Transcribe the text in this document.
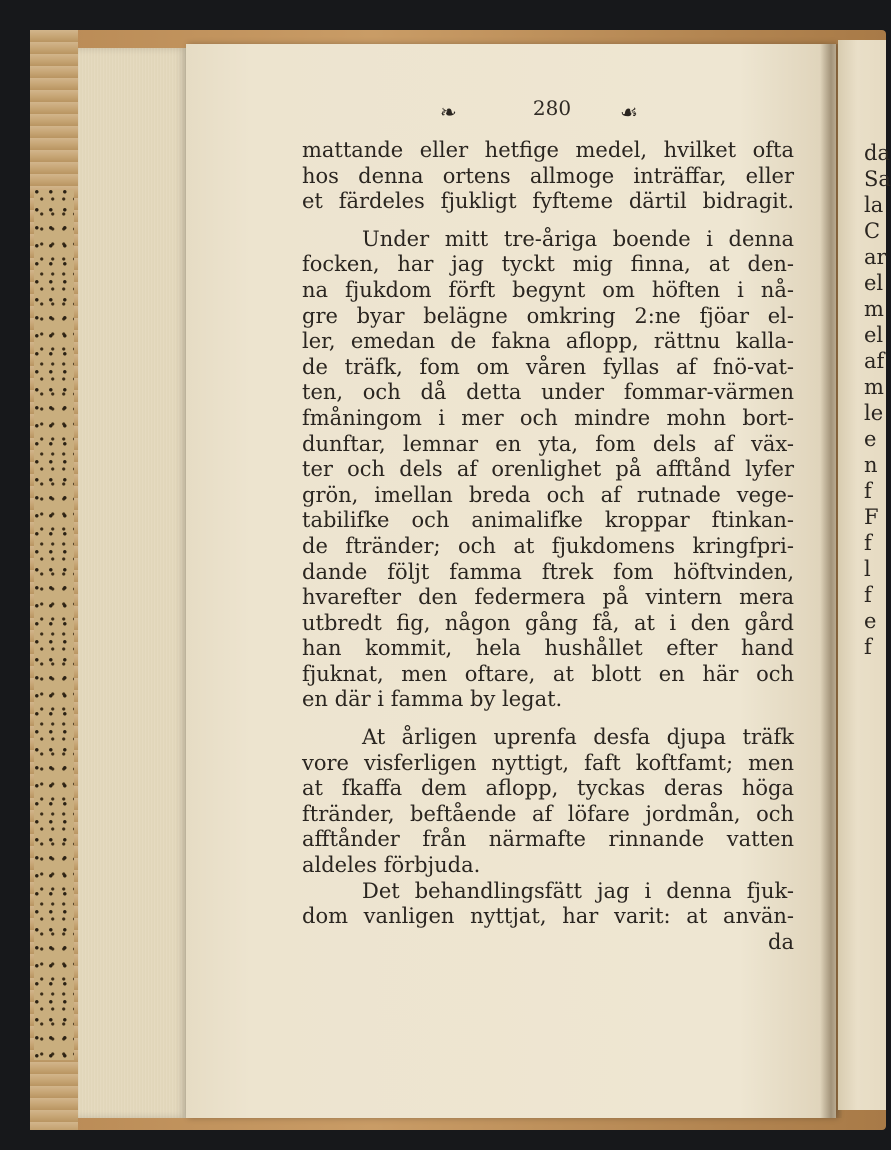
da
Sa
la
C
ar
el
m
el
af
m
le
e
n
f
F
f
l
f
e
f
❧	280	☙
mattande eller hetfige medel, hvilket ofta
hos denna ortens allmoge inträffar, eller
et färdeles fjukligt fyfteme därtil bidragit.
Under mitt tre-åriga boende i denna
focken, har jag tyckt mig finna, at den-
na fjukdom förft begynt om höften i nå-
gre byar belägne omkring 2:ne fjöar el-
ler, emedan de fakna aflopp, rättnu kalla-
de träfk, fom om våren fyllas af fnö-vat-
ten, och då detta under fommar-värmen
fmåningom i mer och mindre mohn bort-
dunftar, lemnar en yta, fom dels af väx-
ter och dels af orenlighet på afftånd lyfer
grön, imellan breda och af rutnade vege-
tabilifke och animalifke kroppar ftinkan-
de ftränder; och at fjukdomens kringfpri-
dande följt famma ftrek fom höftvinden,
hvarefter den federmera på vintern mera
utbredt fig, någon gång få, at i den gård
han kommit, hela hushållet efter hand
fjuknat, men oftare, at blott en här och
en där i famma by legat.
At årligen uprenfa desfa djupa träfk
vore visferligen nyttigt, faft koftfamt; men
at fkaffa dem aflopp, tyckas deras höga
ftränder, beftående af löfare jordmån, och
afftånder från närmafte rinnande vatten
aldeles förbjuda.
Det behandlingsfätt jag i denna fjuk-
dom vanligen nyttjat, har varit: at använ-
da
